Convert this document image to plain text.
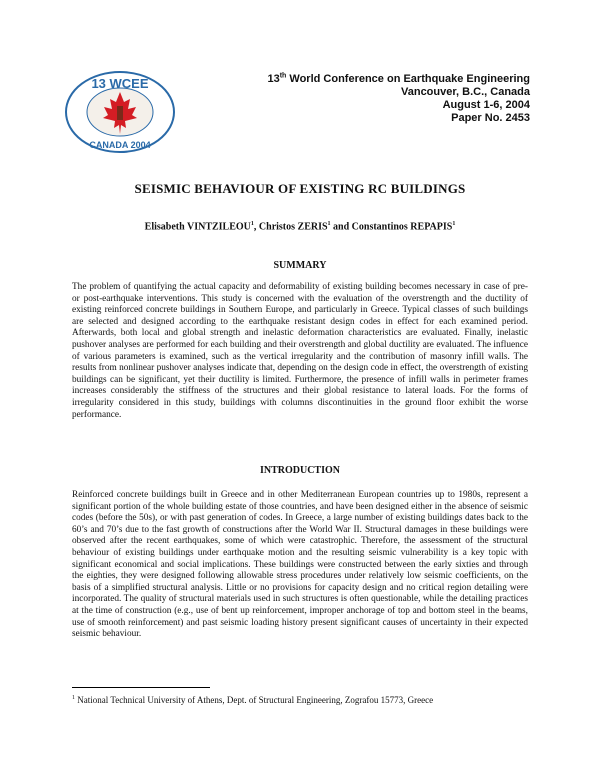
13 WCEE
CANADA 2004
13th World Conference on Earthquake Engineering
Vancouver, B.C., Canada
August 1-6, 2004
Paper No. 2453
SEISMIC BEHAVIOUR OF EXISTING RC BUILDINGS
Elisabeth VINTZILEOU$^1$, Christos ZERIS$^1$ and Constantinos REPAPIS$^1$
SUMMARY

The problem of quantifying the actual capacity and deformability of existing building becomes necessary in case of pre- or post-earthquake interventions. This study is concerned with the evaluation of the overstrength and the ductility of existing reinforced concrete buildings in Southern Europe, and particularly in Greece. Typical classes of such buildings are selected and designed according to the earthquake resistant design codes in effect for each examined period. Afterwards, both local and global strength and inelastic deformation characteristics are evaluated. Finally, inelastic pushover analyses are performed for each building and their overstrength and global ductility are evaluated. The influence of various parameters is examined, such as the vertical irregularity and the contribution of masonry infill walls. The results from nonlinear pushover analyses indicate that, depending on the design code in effect, the overstrength of existing buildings can be significant, yet their ductility is limited. Furthermore, the presence of infill walls in perimeter frames increases considerably the stiffness of the structures and their global resistance to lateral loads. For the forms of irregularity considered in this study, buildings with columns discontinuities in the ground floor exhibit the worse performance.

INTRODUCTION

Reinforced concrete buildings built in Greece and in other Mediterranean European countries up to 1980s, represent a significant portion of the whole building estate of those countries, and have been designed either in the absence of seismic codes (before the 50s), or with past generation of codes. In Greece, a large number of existing buildings dates back to the 60’s and 70’s due to the fast growth of constructions after the World War II. Structural damages in these buildings were observed after the recent earthquakes, some of which were catastrophic. Therefore, the assessment of the structural behaviour of existing buildings under earthquake motion and the resulting seismic vulnerability is a key topic with significant economical and social implications. These buildings were constructed between the early sixties and through the eighties, they were designed following allowable stress procedures under relatively low seismic coefficients, on the basis of a simplified structural analysis. Little or no provisions for capacity design and no critical region detailing were incorporated. The quality of structural materials used in such structures is often questionable, while the detailing practices at the time of construction (e.g., use of bent up reinforcement, improper anchorage of top and bottom steel in the beams, use of smooth reinforcement) and past seismic loading history present significant causes of uncertainty in their expected seismic behaviour.

$^1$ National Technical University of Athens, Dept. of Structural Engineering, Zografou 15773, Greece
